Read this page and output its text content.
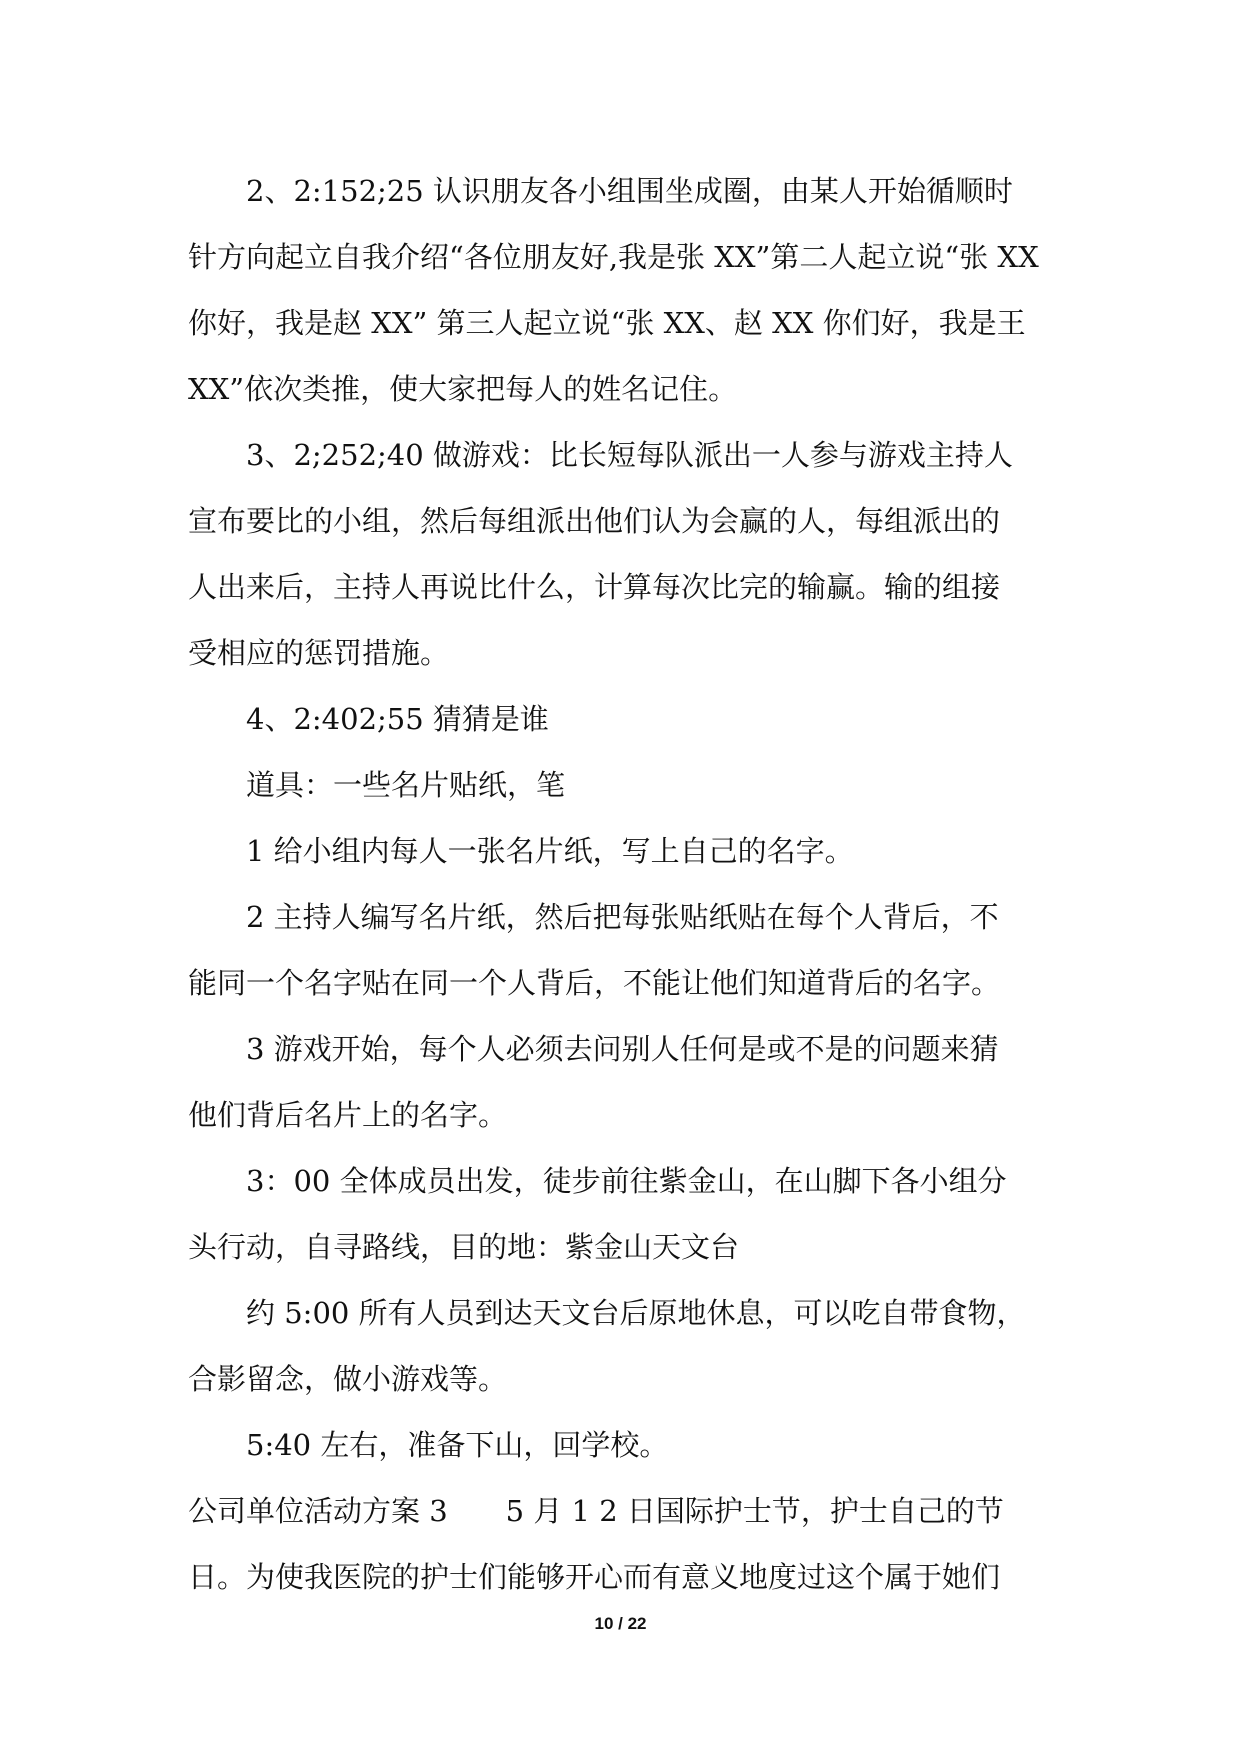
2、2:152;25 认识朋友各小组围坐成圈，由某人开始循顺时
针方向起立自我介绍“各位朋友好,我是张 XX”第二人起立说“张 XX
你好，我是赵 XX” 第三人起立说“张 XX、赵 XX 你们好，我是王
XX”依次类推，使大家把每人的姓名记住。
3、2;252;40 做游戏：比长短每队派出一人参与游戏主持人
宣布要比的小组，然后每组派出他们认为会赢的人，每组派出的
人出来后，主持人再说比什么，计算每次比完的输赢。输的组接
受相应的惩罚措施。
4、2:402;55 猜猜是谁
道具：一些名片贴纸，笔
1 给小组内每人一张名片纸，写上自己的名字。
2 主持人编写名片纸，然后把每张贴纸贴在每个人背后，不
能同一个名字贴在同一个人背后，不能让他们知道背后的名字。
3 游戏开始，每个人必须去问别人任何是或不是的问题来猜
他们背后名片上的名字。
3：00 全体成员出发，徒步前往紫金山，在山脚下各小组分
头行动，自寻路线，目的地：紫金山天文台
约 5:00 所有人员到达天文台后原地休息，可以吃自带食物，
合影留念，做小游戏等。
5:40 左右，准备下山，回学校。
公司单位活动方案 3　　5 月 1 2 日国际护士节，护士自己的节
日。为使我医院的护士们能够开心而有意义地度过这个属于她们
10 / 22
